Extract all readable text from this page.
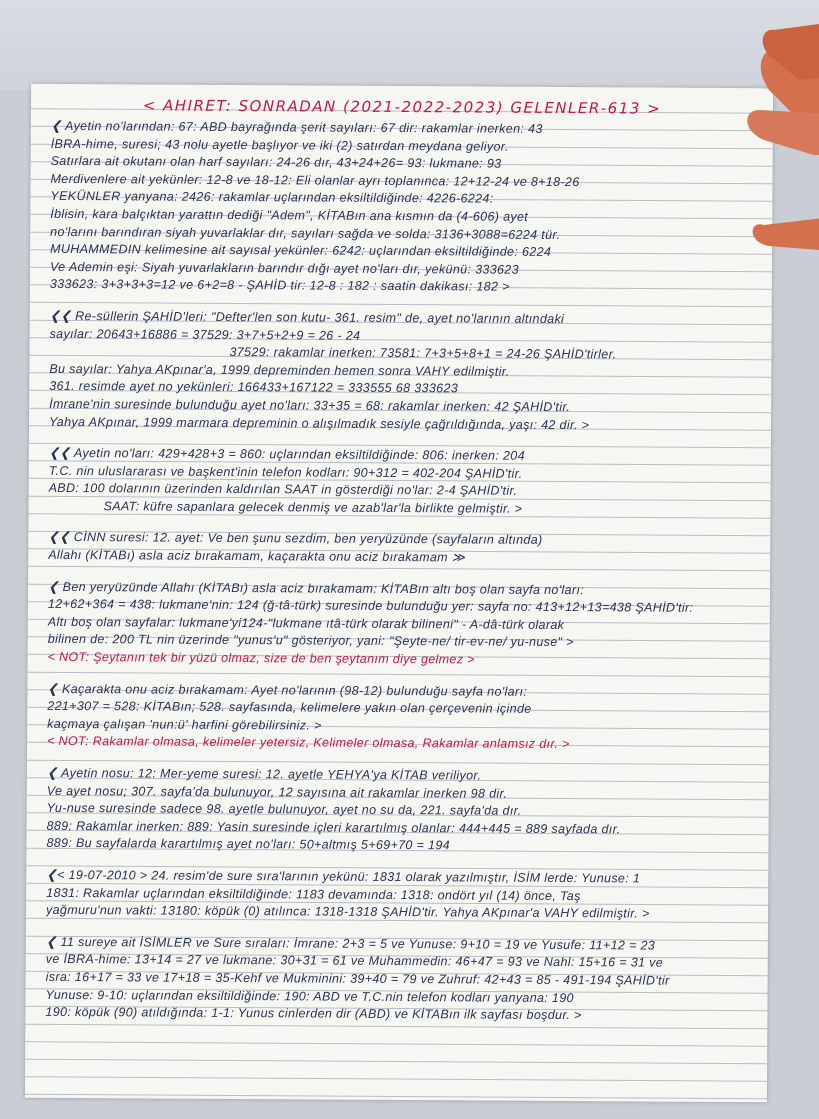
< AHIRET: SONRADAN (2021-2022-2023) GELENLER-613 >
❮ Ayetin no'larından: 67: ABD bayrağında şerit sayıları: 67 dir: rakamlar inerken: 43
İBRA-hime, suresi; 43 nolu ayetle başlıyor ve iki (2) satırdan meydana geliyor.
Satırlara ait okutanı olan harf sayıları: 24-26 dır, 43+24+26= 93: lukmane: 93
Merdivenlere ait yekünler: 12-8 ve 18-12: Eli olanlar ayrı toplanınca: 12+12-24 ve 8+18-26
YEKÜNLER yanyana: 2426: rakamlar uçlarından eksiltildiğinde: 4226-6224:
İblisin, kara balçıktan yarattın dediği "Adem", KİTABın ana kısmın da (4-606) ayet
no'larını barındıran siyah yuvarlaklar dır, sayıları sağda ve solda: 3136+3088=6224 tür.
MUHAMMEDIN kelimesine ait sayısal yekünler: 6242: uçlarından eksiltildiğinde: 6224
Ve Ademin eşi: Siyah yuvarlakların barındır dığı ayet no'ları dır, yekünü: 333623
333623: 3+3+3+3=12 ve 6+2=8 - ŞAHİD tir: 12-8 : 182 : saatin dakikası: 182 >
❮❮ Re-süllerin ŞAHİD'leri: "Defter'len son kutu- 361. resim" de, ayet no'larının altındaki
sayılar: 20643+16886 = 37529: 3+7+5+2+9 = 26 - 24
37529: rakamlar inerken: 73581: 7+3+5+8+1 = 24-26 ŞAHİD'tirler.
Bu sayılar: Yahya AKpınar'a, 1999 depreminden hemen sonra VAHY edilmiştir.
361. resimde ayet no yekünleri: 166433+167122 = 333555 68 333623
İmrane'nin suresinde bulunduğu ayet no'ları: 33+35 = 68: rakamlar inerken: 42 ŞAHİD'tir.
Yahya AKpınar, 1999 marmara depreminin o alışılmadık sesiyle çağrıldığında, yaşı: 42 dir. >
❮❮ Ayetin no'ları: 429+428+3 = 860: uçlarından eksiltildiğinde: 806: inerken: 204
T.C. nin uluslararası ve başkent'inin telefon kodları: 90+312 = 402-204 ŞAHİD'tir.
ABD: 100 dolarının üzerinden kaldırılan SAAT in gösterdiği no'lar: 2-4 ŞAHİD'tir.
SAAT: küfre sapanlara gelecek denmiş ve azab'lar'la birlikte gelmiştir. >
❮❮ CİNN suresi: 12. ayet: Ve ben şunu sezdim, ben yeryüzünde (sayfaların altında)
Allahı (KİTABı) asla aciz bırakamam, kaçarakta onu aciz bırakamam ≫
❮ Ben yeryüzünde Allahı (KİTABı) asla aciz bırakamam: KİTABın altı boş olan sayfa no'ları:
12+62+364 = 438: lukmane'nin: 124 (ğ-tâ-türk) suresinde bulunduğu yer: sayfa no: 413+12+13=438 ŞAHİD'tir:
Altı boş olan sayfalar: lukmane'yi124-"lukmane ıtâ-türk olarak bilineni" - A-dâ-türk olarak
bilinen de: 200 TL nin üzerinde "yunus'u" gösteriyor, yani: "Şeyte-ne/ tir-ev-ne/ yu-nuse" >
< NOT: Şeytanın tek bir yüzü olmaz, size de ben şeytanım diye gelmez >
❮ Kaçarakta onu aciz bırakamam: Ayet no'larının (98-12) bulunduğu sayfa no'ları:
221+307 = 528: KİTABın; 528. sayfasında, kelimelere yakın olan çerçevenin içinde
kaçmaya çalışan 'nun:ü' harfini görebilirsiniz. >
< NOT: Rakamlar olmasa, kelimeler yetersiz, Kelimeler olmasa, Rakamlar anlamsız dır. >
❮ Ayetin nosu: 12: Mer-yeme suresi: 12. ayetle YEHYA'ya KİTAB veriliyor.
Ve ayet nosu; 307. sayfa'da bulunuyor, 12 sayısına ait rakamlar inerken 98 dir.
Yu-nuse suresinde sadece 98. ayetle bulunuyor, ayet no su da, 221. sayfa'da dır.
889: Rakamlar inerken: 889: Yasin suresinde içleri karartılmış olanlar: 444+445 = 889 sayfada dır.
889: Bu sayfalarda karartılmış ayet no'ları: 50+altmış 5+69+70 = 194
❮< 19-07-2010 > 24. resim'de sure sıra'larının yekünü: 1831 olarak yazılmıştır, İSİM lerde: Yunuse: 1
1831: Rakamlar uçlarından eksiltildiğinde: 1183 devamında: 1318: ondört yıl (14) önce, Taş
yağmuru'nun vakti: 13180: köpük (0) atılınca: 1318-1318 ŞAHİD'tir. Yahya AKpınar'a VAHY edilmiştir. >
❮ 11 sureye ait İSİMLER ve Sure sıraları: İmrane: 2+3 = 5 ve Yunuse: 9+10 = 19 ve Yusufe: 11+12 = 23
ve İBRA-hime: 13+14 = 27 ve lukmane: 30+31 = 61 ve Muhammedin: 46+47 = 93 ve Nahl: 15+16 = 31 ve
isra: 16+17 = 33 ve 17+18 = 35-Kehf ve Mukminini: 39+40 = 79 ve Zuhruf: 42+43 = 85 - 491-194 ŞAHİD'tir
Yunuse: 9-10: uçlarından eksiltildiğinde: 190: ABD ve T.C.nin telefon kodları yanyana: 190
190: köpük (90) atıldığında: 1-1: Yunus cinlerden dir (ABD) ve KİTABın ilk sayfası boşdur. >
